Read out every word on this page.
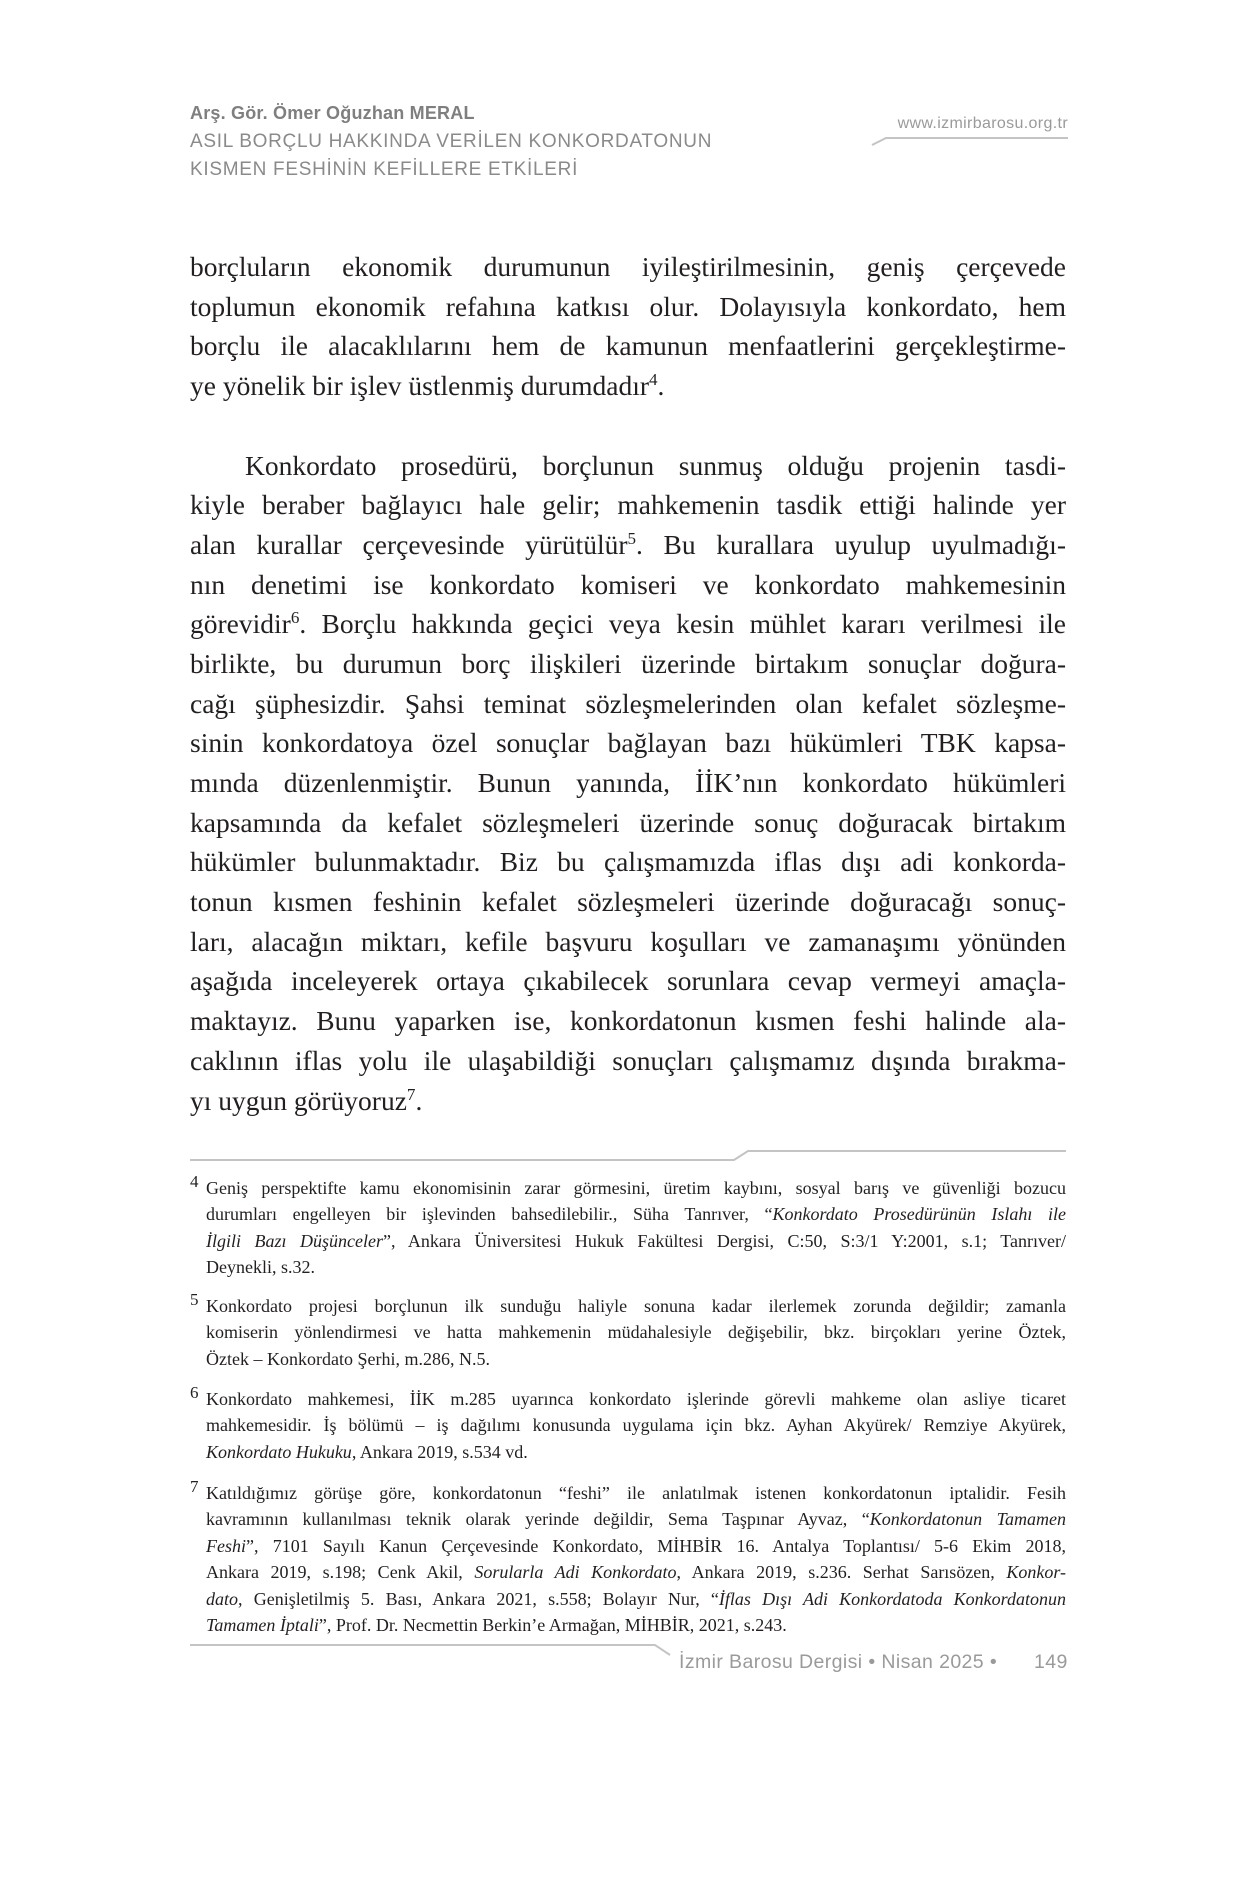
Arş. Gör. Ömer Oğuzhan MERAL
ASIL BORÇLU HAKKINDA VERİLEN KONKORDATONUN
KISMEN FESHİNİN KEFİLLERE ETKİLERİ
www.izmirbarosu.org.tr
borçluların ekonomik durumunun iyileştirilmesinin, geniş çerçevede
toplumun ekonomik refahına katkısı olur. Dolayısıyla konkordato, hem
borçlu ile alacaklılarını hem de kamunun menfaatlerini gerçekleştirme-
ye yönelik bir işlev üstlenmiş durumdadır$^4$.
Konkordato prosedürü, borçlunun sunmuş olduğu projenin tasdi-
kiyle beraber bağlayıcı hale gelir; mahkemenin tasdik ettiği halinde yer
alan kurallar çerçevesinde yürütülür$^5$. Bu kurallara uyulup uyulmadığı-
nın denetimi ise konkordato komiseri ve konkordato mahkemesinin
görevidir$^6$. Borçlu hakkında geçici veya kesin mühlet kararı verilmesi ile
birlikte, bu durumun borç ilişkileri üzerinde birtakım sonuçlar doğura-
cağı şüphesizdir. Şahsi teminat sözleşmelerinden olan kefalet sözleşme-
sinin konkordatoya özel sonuçlar bağlayan bazı hükümleri TBK kapsa-
mında düzenlenmiştir. Bunun yanında, İİK’nın konkordato hükümleri
kapsamında da kefalet sözleşmeleri üzerinde sonuç doğuracak birtakım
hükümler bulunmaktadır. Biz bu çalışmamızda iflas dışı adi konkorda-
tonun kısmen feshinin kefalet sözleşmeleri üzerinde doğuracağı sonuç-
ları, alacağın miktarı, kefile başvuru koşulları ve zamanaşımı yönünden
aşağıda inceleyerek ortaya çıkabilecek sorunlara cevap vermeyi amaçla-
maktayız. Bunu yaparken ise, konkordatonun kısmen feshi halinde ala-
caklının iflas yolu ile ulaşabildiği sonuçları çalışmamız dışında bırakma-
yı uygun görüyoruz$^7$.
4 Geniş perspektifte kamu ekonomisinin zarar görmesini, üretim kaybını, sosyal barış ve güvenliği bozucu
durumları engelleyen bir işlevinden bahsedilebilir., Süha Tanrıver, “Konkordato Prosedürünün Islahı ile
İlgili Bazı Düşünceler”, Ankara Üniversitesi Hukuk Fakültesi Dergisi, C:50, S:3/1 Y:2001, s.1; Tanrıver/
Deynekli, s.32.
5 Konkordato projesi borçlunun ilk sunduğu haliyle sonuna kadar ilerlemek zorunda değildir; zamanla
komiserin yönlendirmesi ve hatta mahkemenin müdahalesiyle değişebilir, bkz. birçokları yerine Öztek,
Öztek – Konkordato Şerhi, m.286, N.5.
6 Konkordato mahkemesi, İİK m.285 uyarınca konkordato işlerinde görevli mahkeme olan asliye ticaret
mahkemesidir. İş bölümü – iş dağılımı konusunda uygulama için bkz. Ayhan Akyürek/ Remziye Akyürek,
Konkordato Hukuku, Ankara 2019, s.534 vd.
7 Katıldığımız görüşe göre, konkordatonun “feshi” ile anlatılmak istenen konkordatonun iptalidir. Fesih
kavramının kullanılması teknik olarak yerinde değildir, Sema Taşpınar Ayvaz, “Konkordatonun Tamamen
Feshi”, 7101 Sayılı Kanun Çerçevesinde Konkordato, MİHBİR 16. Antalya Toplantısı/ 5-6 Ekim 2018,
Ankara 2019, s.198; Cenk Akil, Sorularla Adi Konkordato, Ankara 2019, s.236. Serhat Sarısözen, Konkor-
dato, Genişletilmiş 5. Bası, Ankara 2021, s.558; Bolayır Nur, “İflas Dışı Adi Konkordatoda Konkordatonun
Tamamen İptali”, Prof. Dr. Necmettin Berkin’e Armağan, MİHBİR, 2021, s.243.
İzmir Barosu Dergisi • Nisan 2025 • 149
